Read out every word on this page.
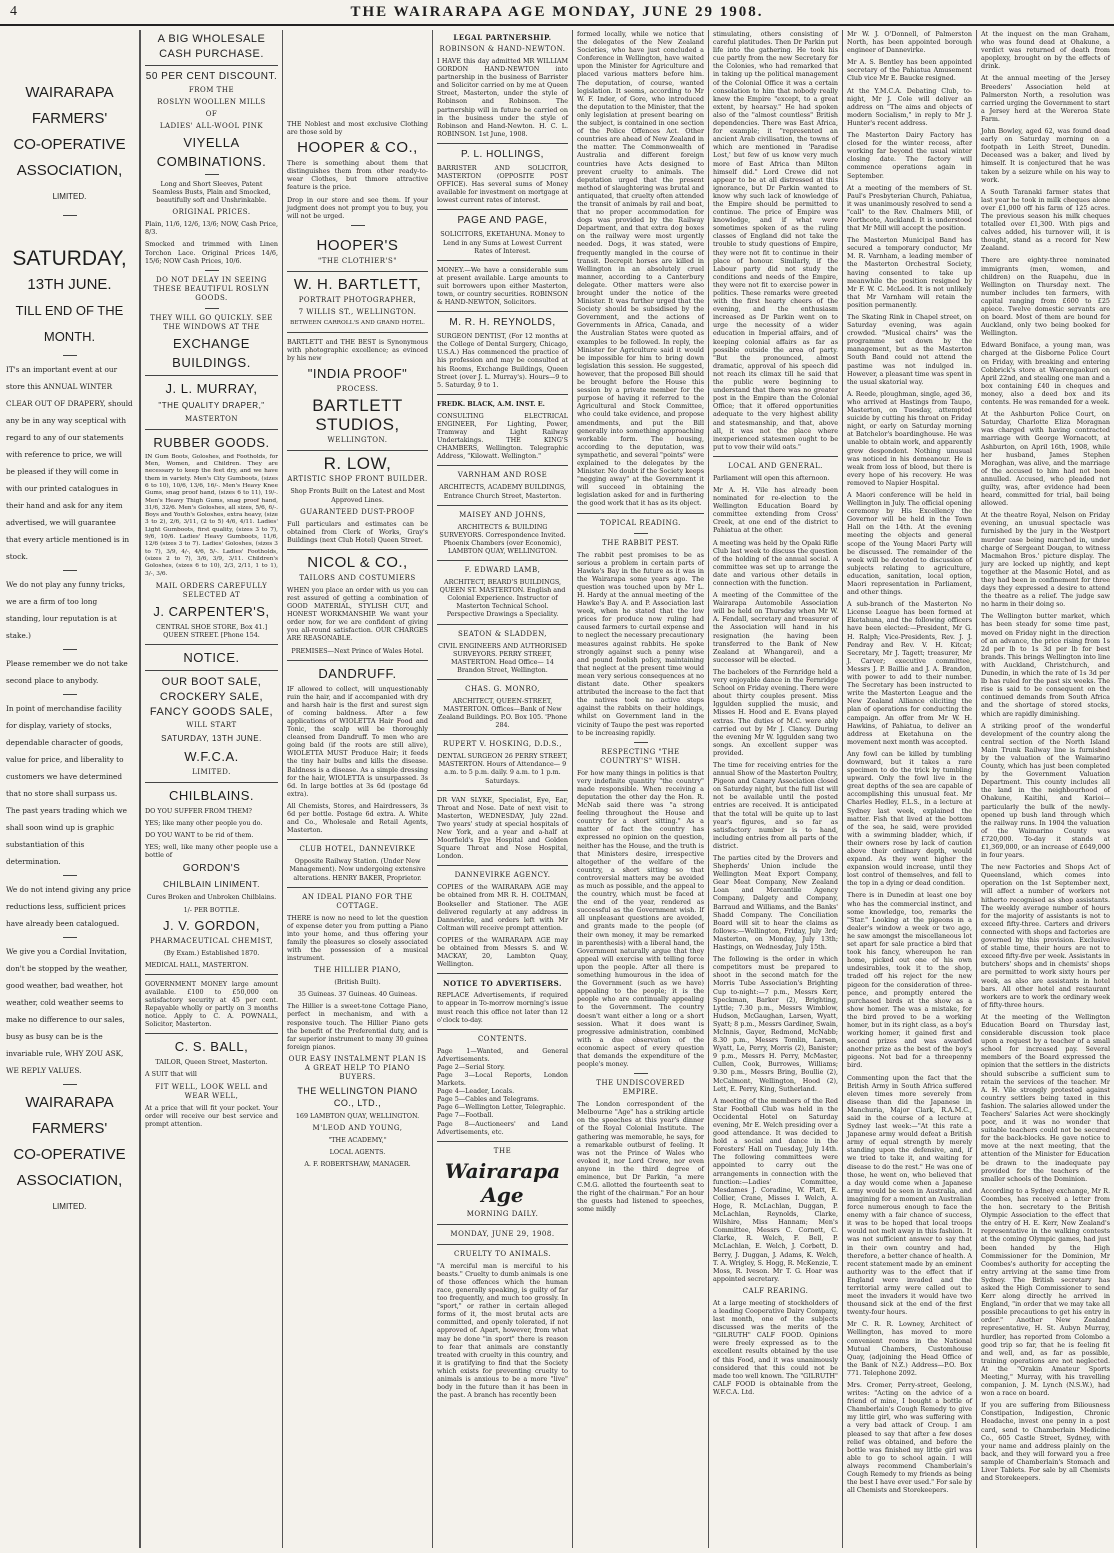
4	THE WAIRARAPA AGE MONDAY, JUNE 29 1908.
WAIRARAPA
FARMERS'
CO-OPERATIVE
ASSOCIATION,
LIMITED.
SATURDAY,
13TH JUNE.
TILL END OF THE
MONTH.
IT's an important event at our store this ANNUAL WINTER CLEAR OUT OF DRAPERY, should any be in any way sceptical with regard to any of our statements with reference to price, we will be pleased if they will come in with our printed catalogues in their hand and ask for any item advertised, we will guarantee that every article mentioned is in stock.
We do not play any funny tricks, we are a firm of too long standing, lour reputation is at stake.)
Please remember we do not take second place to anybody.
In point of merchandise facility for display, variety of stocks, dependable character of goods, value for price, and liberality to customers we have determined that no store shall surpass us. The past years trading which we shall soon wind up is graphic substantiation of this determination.
We do not intend giving any price reductions less, sufficient prices have already been catalogued.
We give you a Cordial Invitation, don't be stopped by the weather, good weather, bad weather, hot weather, cold weather seems to make no difference to our sales, busy as busy can be is the invariable rule, WHY ZOU ASK, WE REPLY VALUES.
WAIRARAPA
FARMERS'
CO-OPERATIVE
ASSOCIATION,
LIMITED.
A BIG WHOLESALE
CASH PURCHASE.
50 PER CENT DISCOUNT.
FROM THE
ROSLYN WOOLLEN MILLS
OF
LADIES' ALL-WOOL PINK
VIYELLA
COMBINATIONS.
Long and Short Sleeves, Patent Seamless Busts, Plain and Smocked, beautifully soft and Unshrinkable.
ORIGINAL PRICES.
Plain, 11/6, 12/6, 13/6; NOW, Cash Price, 8/3.
Smocked and trimmed with Linen Torchon Lace. Original Prices 14/6, 15/6; NOW Cash Prices, 10/6.
DO NOT DELAY IN SEEING THESE BEAUTIFUL ROSLYN GOODS.
THEY WILL GO QUICKLY. SEE THE WINDOWS AT THE
EXCHANGE
BUILDINGS.
J. L. MURRAY,
"THE QUALITY DRAPER,"
MASTERTON
RUBBER GOODS.
IN Gum Boots, Goloshes, and Footholds, for Men, Women, and Children. They are necessary to keep the feet dry, and we have them in variety. Men's City Gumboots, (sizes 6 to 10), 10/6, 13/6, 16/-. Men's Heavy Knee Gums, snag proof hand, (sizes 6 to 11), 19/-. Men's Heavy Thigh Gums, snag proof hand, 31/6, 32/6. Men's Goloshes, all sizes, 5/6, 6/-. Boys and Youth's Goloshes, extra heavy, (size 3 to 2), 2/6, 3/11, (2 to 5) 4/6, 4/11. Ladies' Light Gumboots, first quality, (sizes 3 to 7), 9/6, 10/6. Ladies' Heavy Gumboots, 11/6, 12/6 (sizes 3 to 7). Ladies' Goloshes, (sizes 3 to 7), 3/9, 4/-, 4/6, 5/-. Ladies' Footholds, (sizes 2 to 7), 3/6, 3/9, 3/11. Children's Goloshes, (sizes 6 to 10), 2/3, 2/11, 1 to 1), 3/-, 3/6.
MAIL ORDERS CAREFULLY SELECTED AT
J. CARPENTER'S,
CENTRAL SHOE STORE, Box 41.] QUEEN STREET. [Phone 154.
NOTICE.
OUR BOOT SALE,
CROCKERY SALE,
FANCY GOODS SALE,
WILL START
SATURDAY, 13TH JUNE.
W.F.C.A.
LIMITED.
CHILBLAINS.
DO YOU SUFFER FROM THEM?
YES; like many other people you do.
DO YOU WANT to be rid of them.
YES; well, like many other people use a bottle of
GORDON'S
CHILBLAIN LINIMENT.
Cures Broken and Unbroken Chilblains.
1/- PER BOTTLE.
J. V. GORDON,
PHARMACEUTICAL CHEMIST,
(By Exam.) Established 1870.
MEDICAL HALL, MASTERTON.
GOVERNMENT MONEY large amount available. £100 to £50,000 on satisfactory security at 45 per cent. Repayable wholly or partly on 3 months notice. Apply to C. A. POWNALL, Solicitor, Masterton.
C. S. BALL,
TAILOR, Queen Street, Masterton.
A SUIT that will
FIT WELL, LOOK WELL and WEAR WELL,
At a price that will fit your pocket. Your order will receive our best service and prompt attention.
THE Noblest and most exclusive Clothing are those sold by
HOOPER & CO.,
There is something about them that distinguishes them from other ready-to-wear Clothes, but thmore attractive feature is the price.
Drop in our store and see them. If your judgment does not prompt you to buy, you will not be urged.
HOOPER'S
"THE CLOTHIER'S"
W. H. BARTLETT,
PORTRAIT PHOTOGRAPHER,
7 WILLIS ST., WELLINGTON.
BETWEEN CARROLL'S AND GRAND HOTEL.
BARTLETT and THE BEST is Synonymous with photographic excellence; as evinced by his new
"INDIA PROOF"
PROCESS.
BARTLETT
STUDIOS,
WELLINGTON.
R. LOW,
ARTISTIC SHOP FRONT BUILDER.
Shop Fronts Built on the Latest and Most Approved Lines.
GUARANTEED DUST-PROOF
Full particulars and estimates can be obtained from Clerk of Works, Gray's Buildings (next Club Hotel) Queen Street.
NICOL & CO.,
TAILORS AND COSTUMIERS
WHEN you place an order with us you can rest assured of getting a combination of GOOD MATERIAL, STYLISH CUT, and HONEST WORKMANSHIP. We want your order now, for we are confident of giving you all-round satisfaction. OUR CHARGES ARE REASONABLE.
PREMISES—Next Prince of Wales Hotel.
DANDRUFF.
IF allowed to collect, will unquestionably ruin the hair, and if accompanied with dry and harsh hair is the first and surest sign of coming baldness. After a few applications of WIOLETTA Hair Food and Tonic, the scalp will be thoroughly cleansed from Dandruff. To men who are going bald (if the roots are still alive), WIOLETTA MUST Produce Hair; it feeds the tiny hair bulbs and kills the disease. Baldness is a disease. As a simple dressing for the hair, WIOLETTA is unsurpassed. 3s 6d. In large bottles at 3s 6d (postage 6d extra).
All Chemists, Stores, and Hairdressers, 3s 6d per bottle. Postage 6d extra. A. White and Co., Wholesale and Retail Agents, Masterton.
CLUB HOTEL, DANNEVIRKE
Opposite Railway Station. (Under New Management). Now undergoing extensive alterations. HENRY BAKER, Proprietor.
AN IDEAL PIANO FOR THE COTTAGE.
THERE is now no need to let the question of expense deter you from putting a Piano into your home, and thus offering your family the pleasures so closely associated with the possession of a musical instrument.
THE HILLIER PIANO,
(British Built).
35 Guineas. 37 Guineas. 40 Guineas.
The Hillier is a sweet-tone Cottage Piano, perfect in mechanism, and with a responsive touch. The Hillier Piano gets the benefit of the Preferential duty, and is far superior instrument to many 30 guinea foreign pianos.
OUR EASY INSTALMENT PLAN IS A GREAT HELP TO PIANO BUYERS.
THE WELLINGTON PIANO CO., LTD.,
169 LAMBTON QUAY, WELLINGTON.
M'LEOD AND YOUNG,
"THE ACADEMY,"
LOCAL AGENTS.
A. F. ROBERTSHAW, MANAGER.
LEGAL PARTNERSHIP.
ROBINSON & HAND-NEWTON.
I HAVE this day admitted MR WILLIAM GORDON HAND-NEWTON into partnership in the business of Barrister and Solicitor carried on by me at Queen Street, Masterton, under the style of Robinson and Robinson. The partnership will in future be carried on in the business under the style of Robinson and Hand-Newton. H. C. L. ROBINSON. 1st June, 1908.
P. L. HOLLINGS,
BARRISTER AND SOLICITOR, MASTERTON (OPPOSITE POST OFFICE). Has several sums of Money available for investment on mortgage at lowest current rates of interest.
PAGE AND PAGE,
SOLICITORS, EKETAHUNA. Money to Lend in any Sums at Lowest Current Rates of Interest.
MONEY.—We have a considerable sum at present available. Large amounts to suit borrowers upon either Masterton, town, or country securities. ROBINSON & HAND-NEWTON, Solicitors.
M. R. H. REYNOLDS,
SURGEON DENTIST, (For 12 months at the College of Dental Surgery, Chicago, U.S.A.) Has commenced the practice of his profession and may be consulted at his Rooms, Exchange Buildings, Queen Street (over J. L. Murray's). Hours—9 to 5. Saturday, 9 to 1.
FREDK. BLACK, A.M. INST. E.
CONSULTING ELECTRICAL ENGINEER, For Lighting, Power, Tramway and Light Railway Undertakings. THE KING'S CHAMBERS, Wellington. Telegraphic Address, "Kilowatt. Wellington."
VARNHAM AND ROSE
ARCHITECTS, ACADEMY BUILDINGS, Entrance Church Street, Masterton.
MAISEY AND JOHNS,
ARCHITECTS & BUILDING SURVEYORS. Correspondence Invited. Phoenix Chambers (over Economic), LAMBTON QUAY, WELLINGTON.
F. EDWARD LAMB,
ARCHITECT, BEARD'S BUILDINGS, QUEEN ST. MASTERTON. English and Colonial Experience. Instructor of Masterton Technical School. Perspective Drawings a Speciality.
SEATON & SLADDEN,
CIVIL ENGINEERS AND AUTHORISED SURVEYORS. PERRY STREET, MASTERTON. Head Office— 14 Brandon Street, Wellington.
CHAS. G. MONRO,
ARCHITECT, QUEEN-STREET, MASTERTON. Offices—Bank of New Zealand Buildings. P.O. Box 105. 'Phone 284.
RUPERT V. HOSKING, D.D.S.,
DENTAL SURGEON 26 PERRY STREET, MASTERTON. Hours of Attendance— 9 a.m. to 5 p.m. daily. 9 a.m. to 1 p.m. Saturdays.
DR VAN SLYKE, Specialist, Eye, Ear, Throat and Nose. Date of next visit to Masterton, WEDNESDAY, July 22nd. Two years' study at special hospitals of New York, and a year and a-half at Moorfield's Eye Hospital and Golden Square Throat and Nose Hospital, London.
DANNEVIRKE AGENCY.
COPIES of the WAIRARAPA AGE may be obtained from MR R. H. COLTMAN, Bookseller and Stationer. The AGE delivered regularly at any address in Dannevirke, and orders left with Mr Coltman will receive prompt attention.
COPIES of the WAIRARAPA AGE may be obtained from Messrs S. and W. MACKAY, 20, Lambton Quay, Wellington.
NOTICE TO ADVERTISERS.
REPLACE Advertisements, if required to appear in To-morrow morning's issue must reach this office not later than 12 o'clock to-day.
CONTENTS.
Page 1—Wanted, and General Advertisements.
Page 2—Serial Story.
Page 3—Local Reports, London Markets.
Page 4—Leader, Locals.
Page 5—Cables and Telegrams.
Page 6—Wellington Letter, Telegraphic.
Page 7—Football.
Page 8—Auctioneers' and Land Advertisements, etc.
THE
Wairarapa Age
MORNING DAILY.
MONDAY, JUNE 29, 1908.
CRUELTY TO ANIMALS.
"A merciful man is merciful to his beasts." Cruelty to dumb animals is one of those offences which the human race, generally speaking, is guilty of far too frequently, and much too grossly. In "sport," or rather in certain alleged forms of it, the most brutal acts are committed, and openly tolerated, if not approved of. Apart, however, from what may be done "in sport" there is reason to fear that animals are constantly treated with cruelty in this country, and it is gratifying to find that the Society which exists for preventing cruelty to animals is anxious to be a more "live" body in the future than it has been in the past. A branch has recently been
formed locally, while we notice that the delegates of the New Zealand Societies, who have just concluded a Conference in Wellington, have waited upon the Minister for Agriculture and placed various matters before him. The deputation, of course, wanted legislation. It seems, according to Mr W. F. Inder, of Gore, who introduced the deputation to the Minister, that the only legislation at present bearing on the subject, is contained in one section of the Police Offences Act. Other countries are ahead of New Zealand in the matter. The Commonwealth of Australia and different foreign countries have Acts designed to prevent cruelty to animals. The deputation urged that the present method of slaughtering was brutal and antiquated, that cruelty often attended the transit of animals by rail and boat, that no proper accommodation for dogs was provided by the Railway Department, and that extra dog boxes on the railway were most urgently needed. Dogs, it was stated, were frequently mangled in the course of transit. Decrepit horses are killed in Wellington in an absolutely cruel manner, according to a Canterbury delegate. Other matters were also brought under the notice of the Minister. It was further urged that the Society should be subsidised by the Government, and the actions of Governments in Africa, Canada, and the Australian States were quoted as examples to be followed. In reply, the Minister for Agriculture said it would be impossible for him to bring down legislation this session. He suggested, however, that the proposed Bill should be brought before the House this session by a private member for the purpose of having it referred to the Agricultural and Stock Committee, who could take evidence, and propose amendments, and put the Bill generally into something approaching workable form. The housing, according to the deputation, was sympathetic, and several "points" were explained to the delegates by the Minister. No doubt if the Society keeps "negging away" at the Government it will succeed in obtaining the legislation asked for and in furthering the good work that it has as its object.
TOPICAL READING.
THE RABBIT PEST.
The rabbit pest promises to be as serious a problem in certain parts of Hawke's Bay in the future as it was in the Wairarapa some years ago. The question was touched upon by Mr L. H. Hardy at the annual meeting of the Hawke's Bay A. and P. Association last week, when he stated that the low prices for produce now ruling had caused farmers to curtail expense and to neglect the necessary precautionary measures against rabbits. He spoke strongly against such a penny wise and pound foolish policy, maintaining that neglect at the present time would mean very serious consequences at no distant date. Other speakers attributed the increase to the fact that the natives took no active steps against the rabbits on their holdings, whilst on Government land in the vicinity of Taupo the pest was reported to be increasing rapidly.
RESPECTING "THE COUNTRY'S" WISH.
For how many things in politics is that very indefinite quantity "the country" made responsible. When receiving a deputation the other day the Hon. R. McNab said there was "a strong feeling throughout the House and country for a short sitting." As a matter of fact the country has expressed no opinion on the question, neither has the House, and the truth is that Ministers desire, irrespective altogether of the welfare of the country, a short sitting so that controversial matters may be avoided as much as possible, and the appeal to the country, which must be faced at the end of the year, rendered as successful as the Government wish. If all unpleasant questions are avoided, and grants made to the people (of their own money, it may be remarked in parenthesis) with a liberal hand, the Government naturally argue that they appeal will exercise with telling force upon the people. After all there is something humourous in the idea of the Government (such as we have) appealing to the people; it is the people who are continually appealing to the Government. The country doesn't want either a long or a short session. What it does want is progressive administration, combined with a due observation of the economic aspect of every question that demands the expenditure of the people's money.
THE UNDISCOVERED EMPIRE.
The London correspondent of the Melbourne "Age" has a striking article on the speeches at this year's dinner of the Royal Colonial Institute. The gathering was memorable, he says, for a remarkable outburst of feeling. It was not the Prince of Wales who evoked it, nor Lord Crewe, nor even anyone in the third degree of eminence, but Dr Parkin, "a mere C.M.G. allotted the fourteenth seat to the right of the chairman." For an hour the guests had listened to speeches, some mildly
stimulating, others consisting of careful platitudes. Then Dr Parkin put life into the gathering. He took his cue partly from the new Secretary for the Colonies, who had remarked that in taking up the political management of the Colonial Office it was a certain consolation to him that nobody really knew the Empire "except, to a great extent, by hearsay." He had spoken also of the "almost countless" British dependencies. There was East Africa, for example; it "represented an ancient Arab civilisation, the towns of which are mentioned in 'Paradise Lost,' but few of us know very much more of East Africa than Milton himself did." Lord Crewe did not appear to be at all distressed at this ignorance, but Dr Parkin wanted to know why such lack of knowledge of the Empire should be permitted to continue. The price of Empire was knowledge, and if what were sometimes spoken of as the ruling classes of England did not take the trouble to study questions of Empire, they were not fit to continue in their place of honour. Similarly, if the Labour party did not study the conditions and needs of the Empire, they were not fit to exercise power in politics. These remarks were greeted with the first hearty cheers of the evening, and the enthusiasm increased as Dr Parkin went on to urge the necessity of a wider education in Imperial affairs, and of keeping colonial affairs as far as possible outside the area of party. "But the pronounced, almost dramatic, approval of his speech did not reach its climax till he said that the public were beginning to understand that there was no greater post in the Empire than the Colonial Office; that it offered opportunities adequate to the very highest ability and statesmanship, and that, above all, it was not the place where inexperienced statesmen ought to be put to vow their wild oats."
LOCAL AND GENERAL.
Parliament will open this afternoon.
Mr A. H. Vile has already been nominated for re-election to the Wellington Education Board by committee extending from Cross' Creek, at one end of the district to Pahiatua at the other.
A meeting was held by the Opaki Rifle Club last week to discuss the question of the holding of the annual social. A committee was set up to arrange the date and various other details in connection with the function.
A meeting of the Committee of the Wairarapa Automobile Association will be held on Thursday when Mr W. A. Fendall, secretary and treasurer of the Association will hand in his resignation (he having been transferred to the Bank of New Zealand at Whangarei), and a successor will be elected.
The bachelors of the Fernridge held a very enjoyable dance in the Fernridge School on Friday evening. There were about thirty couples present. Miss Iggulden supplied the music, and Misses H. Hood and E. Evans played extras. The duties of M.C. were ably carried out by Mr J. Clancy. During the evening Mr W. Iggulden sang two songs. An excellent supper was provided.
The time for receiving entries for the annual Show of the Masterton Poultry, Pigeon and Canary Association closed on Saturday night, but the full list will not be available until the posted entries are received. It is anticipated that the total will be quite up to last year's figures, and so far as satisfactory number is to hand, including entries from all parts of the district.
The parties cited by the Drovers and Shepherds' Union include the Wellington Meat Export Company, Gear Meat Company, New Zealand Loan and Mercantile Agency Company, Dalgety and Company, Barraud and Williams, and the Banks' Shadd Company. The Conciliation Board will sit to hear the claims as follows:—Wellington, Friday, July 3rd; Masterton, on Monday, July 13th; Hastings, on Wednesday, July 15th.
The following is the order in which competitors must be prepared to shoot in the second match for the Morris Tube Association's Brighting Cup to-night:—7 p.m., Messrs Kerr, Speckman, Barker (2), Brighting, Lyttle; 7.30 p.m., Messrs Wimblow, Hudson, McGaughan, Larsen, Wyatt, Syatt; 8 p.m., Messrs Gardiner, Swain, McInnis, Gayer, Redmond, McNabb; 8.30 p.m., Messrs Tomlin, Larsen, Wyatt, Le, Perry, Morris (2), Banister; 9 p.m., Messrs H. Perry, McMaster, Cullen, Cook, Burrowes, Williams; 9.30 p.m., Messrs Bring, Boullie (2), McCalmont, Wellington, Hood (2), Lett, E. Perry, King, Sutherland.
A meeting of the members of the Red Star Football Club was held in the Occidental Hotel on Saturday evening, Mr E. Welch presiding over a good attendance. It was decided to hold a social and dance in the Foresters' Hall on Tuesday, July 14th. The following committees were appointed to carry out the arrangements in connection with the function:—Ladies' Committee, Mesdames J. Coradine, W. Platt, E. Collier, Crane, Misses I. Welch, A. Hoge, R. McLachlan, Duggan, P. McLachlan, Reynolds, Clarke, Wilshire, Miss Hannam; Men's Committee, Messrs C. Cornett, C. Clarke, R. Welch, F. Bell, P. McLachlan, E. Welch, J. Corbett, D. Berry, J. Duggan, J. Adams, K. Welch, T. A. Wrigley, S. Hogg, R. McKenzie, T. Moss, R. Iveson. Mr T. G. Hoar was appointed secretary.
CALF REARING.
At a large meeting of stockholders of a leading Cooperative Dairy Company, last month, one of the subjects discussed was the merits of the "GILRUTH" CALF FOOD. Opinions were freely expressed as to the excellent results obtained by the use of this Food, and it was unanimously considered that this could not be made too well known. The "GILRUTH" CALF FOOD is obtainable from the W.F.C.A. Ltd.
Mr W. J. O'Donnell, of Palmerston North, has been appointed borough engineer of Dannevirke.
Mr A. S. Bentley has been appointed secretary of the Pahiatua Amusement Club vice Mr E. Baucke resigned.
At the Y.M.C.A. Debating Club, to-night, Mr J. Cole will deliver an address on "The aims and objects of modern Socialism," in reply to Mr J. Hunter's recent address.
The Masterton Dairy Factory has closed for the winter recess, after working far beyond the usual winter closing date. The factory will commence operations again in September.
At a meeting of the members of St. Paul's Presbyterian Church, Pahiatua, it was unanimously resolved to send a "call" to the Rev. Chalmers Mill, of Northcote, Auckland. It is understood that Mr Mill will accept the position.
The Masterton Municipal Band has secured a temporary conductor, Mr M. R. Varnham, a leading member of the Masterton Orchestral Society, having consented to take up meanwhile the position resigned by Mr F. W. C. McLeod. It is not unlikely that Mr Varnham will retain the position permanently.
The Skating Rink in Chapel street, on Saturday evening, was again crowded. "Musical chairs" was the programme set down by the management, but as the Masterton South Band could not attend the pastime was not indulged in. However, a pleasant time was spent in the usual skatorial way.
A. Reede, ploughman, single, aged 36, who arrived at Hastings from Taupo, Masterton, on Tuesday, attempted suicide by cutting his throat on Friday night, or early on Saturday morning at Batchelor's boardinghouse. He was unable to obtain work, and apparently grew despondent. Nothing unusual was noticed in his demeanour. He is weak from loss of blood, but there is every hope of his recovery. He was removed to Napier Hospital.
A Maori conference will be held in Wellington in July. The official opening ceremony by His Excellency the Governor will be held in the Town Hall on the 14th. At the evening meeting the objects and general scope of the Young Maori Party will be discussed. The remainder of the week will be devoted to discussion of subjects relating to agriculture, education, sanitation, local option, Maori representation in Parliament, and other things.
A sub-branch of the Masterton No License League has been formed at Eketahuna, and the following officers have been elected:—President, Mr G. H. Ralph; Vice-Presidents, Rev. J. J. Pendray and Rev. V. H. Kitcat; Secretary, Mr J. Tagett; treasurer, Mr J. Carver; executive committee, Messrs J. P. Baillie and J. A. Brandon, with power to add to their number. The Secretary has been instructed to write the Masterton League and the New Zealand Alliance eliciting the plan of operations for conducting the campaign. An offer from Mr W. H. Hawkins, of Pahiatua, to deliver an address at Eketahuna on the movement next month was accepted.
Any fowl can be killed by tumbling downward, but it takes a rare specimen to do the trick by tumbling upward. Only the fowl live in the great depths of the sea are capable of accomplishing this unusual feat. Mr Charles Hedley, F.L.S., in a lecture at Sydney last week, explained the matter. Fish that lived at the bottom of the sea, he said, were provided with a swimming bladder, which, if their owners rose by lack of caution above their ordinary depth, would expand. As they went higher the expansion would increase, until they lost control of themselves, and fell to the top in a dying or dead condition.
There is in Dunedin at least one boy who has the commercial instinct, and some knowledge, too, remarks the "Star." Looking at the pigeons in a dealer's window a week or two ago, he saw amongst the miscellaneous lot set apart for sale practice a bird that took his fancy, whereupon he ran home, picked out one of his own undesirables, took it to the shop, traded off his reject for the new pigeon for the consideration of three-pence, and promptly entered the purchased birds at the show as a show homer. The was a mistake, for the bird proved to be a working homer, but in its right class, as a boy's working homer, it gained first and second prizes and was awarded another prize as the best of the boy's pigeons. Not bad for a threepenny bird.
Commenting upon the fact that the British Army in South Africa suffered eleven times more severely from disease than did the Japanese in Manchuria, Major Clark, R.A.M.C., said in the course of a lecture at Sydney last week:—"At this rate a Japanese army would defeat a British army of equal strength by merely standing upon the defensive, and, if we tried to take it, and waiting for disease to do the rest." He was one of those, he went on, who believed that a day would come when a Japanese army would be seen in Australia, and imagining for a moment an Australian force numerous enough to face the enemy with a fair chance of success, it was to be hoped that local troops would not melt away in this fashion. It was not sufficient answer to say that in their own country and had, therefore, a better chance of health. A recent statement made by an eminent authority was to the effect that if England were invaded and the territorial army were called out to meet the invaders it would have two thousand sick at the end of the first twenty-four hours.
Mr C. R. R. Lowney, Architect of Wellington, has moved to more convenient rooms in the National Mutual Chambers, Customhouse Quay, (adjoining the Head Office of the Bank of N.Z.) Address—P.O. Box 771. Telephone 2092.
Mrs. Cromer, Perry-street, Geelong, writes: "Acting on the advice of a friend of mine, I bought a bottle of Chamberlain's Cough Remedy to give my little girl, who was suffering with a very bad attack of Croup. I am pleased to say that after a few doses relief was obtained, and before the bottle was finished my little girl was able to go to school again. I will always recommend Chamberlain's Cough Remedy to my friends as being the best I have ever used." For sale by all Chemists and Storekeepers.
At the inquest on the man Graham, who was found dead at Ohakune, a verdict was returned of death from apoplexy, brought on by the effects of drink.
At the annual meeting of the Jersey Breeders' Association held at Palmerston North, a resolution was carried urging the Government to start a Jersey herd at the Wereroa State Farm.
John Bowley, aged 62, was found dead early on Saturday morning on a footpath in Leith Street, Dunedin. Deceased was a baker, and lived by himself. It is conjectured that he was taken by a seizure while on his way to work.
A South Taranaki farmer states that last year he took in milk cheques alone over £1,000 off his farm of 125 acres. The previous season his milk cheques totalled over £1,300. With pigs and calves added, his turnover will, it is thought, stand as a record for New Zealand.
There are eighty-three nominated immigrants (men, women, and children) on the Ruapehu, due in Wellington on Thursday next. The number includes ten farmers, with capital ranging from £600 to £25 apiece. Twelve domestic servants are on board. Most of them are bound for Auckland, only two being booked for Wellington.
Edward Boniface, a young man, was charged at the Gisborne Police Court on Friday, with breaking and entering Cobbrick's store at Waerengaokuri on April 22nd, and stealing one man and a box containing £40 in cheques and money, also a deed box and its contents. He was remanded for a week.
At the Ashburton Police Court, on Saturday, Charlotte Eliza Moragnan was charged with having contracted marriage with George Wornacott, at Ashburton, on April 16th, 1908, while her husband, James Stephen Moraghan, was alive, and the marriage of the accused to him had not been annulled. Accused, who pleaded not guilty, was, after evidence had been heard, committed for trial, bail being allowed.
At the theatre Royal, Nelson on Friday evening, an unusual spectacle was furnished by the jury in the Westport murder case being marched in, under charge of Sergeant Dougan, to witness Macmahon Bros.' picture display. The jury are locked up nightly, and kept together at the Masonic Hotel, and as they had been in confinement for three days they expressed a desire to attend the theatre as a relief. The judge saw no harm in their doing so.
The Wellington butter market, which has been steady for some time past, moved on Friday night in the direction of an advance, the price rising from 1s 2d per lb to 1s 3d per lb for best brands. This brings Wellington into line with Auckland, Christchurch, and Dunedin, in which the rate of 1s 3d per lb has ruled for the past six weeks. The rise is said to be consequent on the continued demands from South Africa and the shortage of stored stocks, which are rapidly diminishing.
A striking proof of the wonderful development of the country along the central section of the North Island Main Trunk Railway line is furnished by the valuation of the Waimarino County, which has just been completed by the Government Valuation Department. This county includes all the land in the neighbourhood of Ohakune, Kaitihi, and Karioi—particularly the bulk of the newly-opened up bush land through which the railway runs. In 1904 the valuation of the Waimarino County was £720,000. To-day it stands at £1,369,000, or an increase of £649,000 in four years.
The new Factories and Shops Act of Queensland, which comes into operation on the 1st September next, will affect a number of workers not hitherto recognised as shop assistants. The weekly average number of hours for the majority of assistants is not to exceed fifty-three. Carters and drivers connected with shops and factories are governed by this provision. Exclusive of stable time, their hours are not to exceed fifty-five per week. Assistants in butchers' shops and in chemists' shops are permitted to work sixty hours per week, as also are assistants in hotel bars. All other hotel and restaurant workers are to work the ordinary week of fifty-three hours.
At the meeting of the Wellington Education Board on Thursday last, considerable discussion took place upon a request by a teacher of a small school for increased pay. Several members of the Board expressed the opinion that the settlers in the districts should subscribe a sufficient sum to retain the services of the teacher. Mr A. H. Vile strongly protested against country settlers being taxed in this fashion. The salaries allowed under the Teachers' Salaries Act were shockingly poor, and it was no wonder that suitable teachers could not be secured for the back-blocks. He gave notice to move at the next meeting, that the attention of the Minister for Education be drawn to the inadequate pay provided for the teachers of the smaller schools of the Dominion.
According to a Sydney exchange, Mr R. Coombes, has received a letter from the hon. secretary to the British Olympic Association to the effect that the entry of H. E. Kerr, New Zealand's representative in the walking contests at the coming Olympic games, had just been handed by the High Commissioner for the Dominion, Mr Coombes's authority for accepting the entry arriving at the same time from Sydney. The British secretary has asked the High Commissioner to send Kerr along directly he arrived in England, "in order that we may take all possible precautions to get his entry in order." Another New Zealand representative, H. St. Aubyn Murray, hurdler, has reported from Colombo a good trip so far, that he is feeling fit and well, and, as far as possible, training operations are not neglected. At the "Orakin Amateur Sports Meeting," Murray, with his travelling companion, J. M. Lynch (N.S.W.), had won a race on board.
If you are suffering from Biliousness Constipation, Indigestion, Chronic Headache, invest one penny in a post card, send to Chamberlain Medicine Co., 605 Castle Street, Sydney, with your name and address plainly on the back, and they will forward you a free sample of Chamberlain's Stomach and Liver Tablets. For sale by all Chemists and Storekeepers.
